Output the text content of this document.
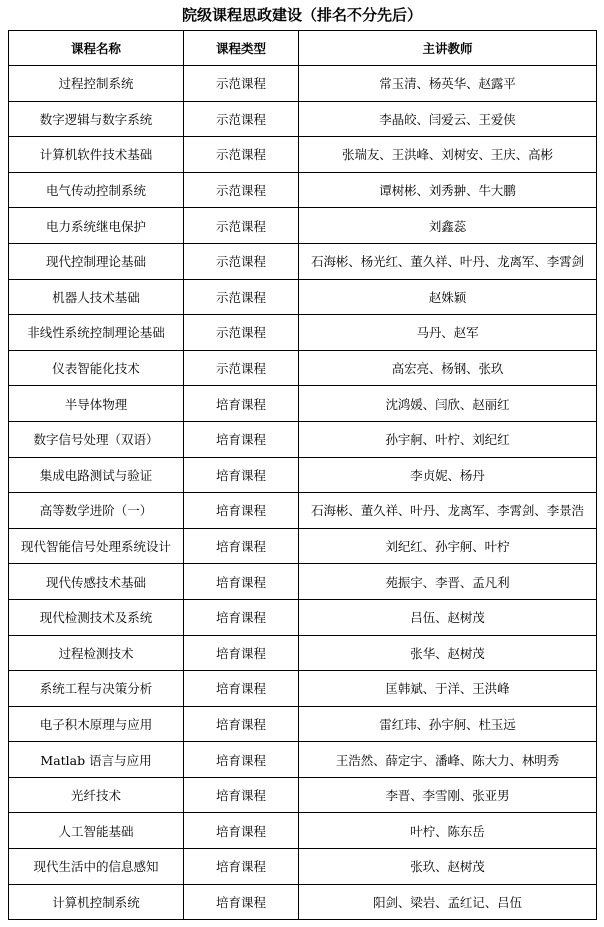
院级课程思政建设（排名不分先后）
课程名称	课程类型	主讲教师
过程控制系统	示范课程	常玉清、杨英华、赵露平
数字逻辑与数字系统	示范课程	李晶皎、闫爱云、王爱侠
计算机软件技术基础	示范课程	张瑞友、王洪峰、刘树安、王庆、高彬
电气传动控制系统	示范课程	谭树彬、刘秀翀、牛大鹏
电力系统继电保护	示范课程	刘鑫蕊
现代控制理论基础	示范课程	石海彬、杨光红、董久祥、叶丹、龙离军、李霄剑
机器人技术基础	示范课程	赵姝颖
非线性系统控制理论基础	示范课程	马丹、赵军
仪表智能化技术	示范课程	高宏亮、杨钢、张玖
半导体物理	培育课程	沈鸿媛、闫欣、赵丽红
数字信号处理（双语）	培育课程	孙宇舸、叶柠、刘纪红
集成电路测试与验证	培育课程	李贞妮、杨丹
高等数学进阶（一）	培育课程	石海彬、董久祥、叶丹、龙离军、李霄剑、李景浩
现代智能信号处理系统设计	培育课程	刘纪红、孙宇舸、叶柠
现代传感技术基础	培育课程	苑振宇、李晋、孟凡利
现代检测技术及系统	培育课程	吕伍、赵树茂
过程检测技术	培育课程	张华、赵树茂
系统工程与决策分析	培育课程	匡韩斌、于洋、王洪峰
电子积木原理与应用	培育课程	雷红玮、孙宇舸、杜玉远
Matlab 语言与应用	培育课程	王浩然、薛定宇、潘峰、陈大力、林明秀
光纤技术	培育课程	李晋、李雪刚、张亚男
人工智能基础	培育课程	叶柠、陈东岳
现代生活中的信息感知	培育课程	张玖、赵树茂
计算机控制系统	培育课程	阳剑、梁岩、孟红记、吕伍
